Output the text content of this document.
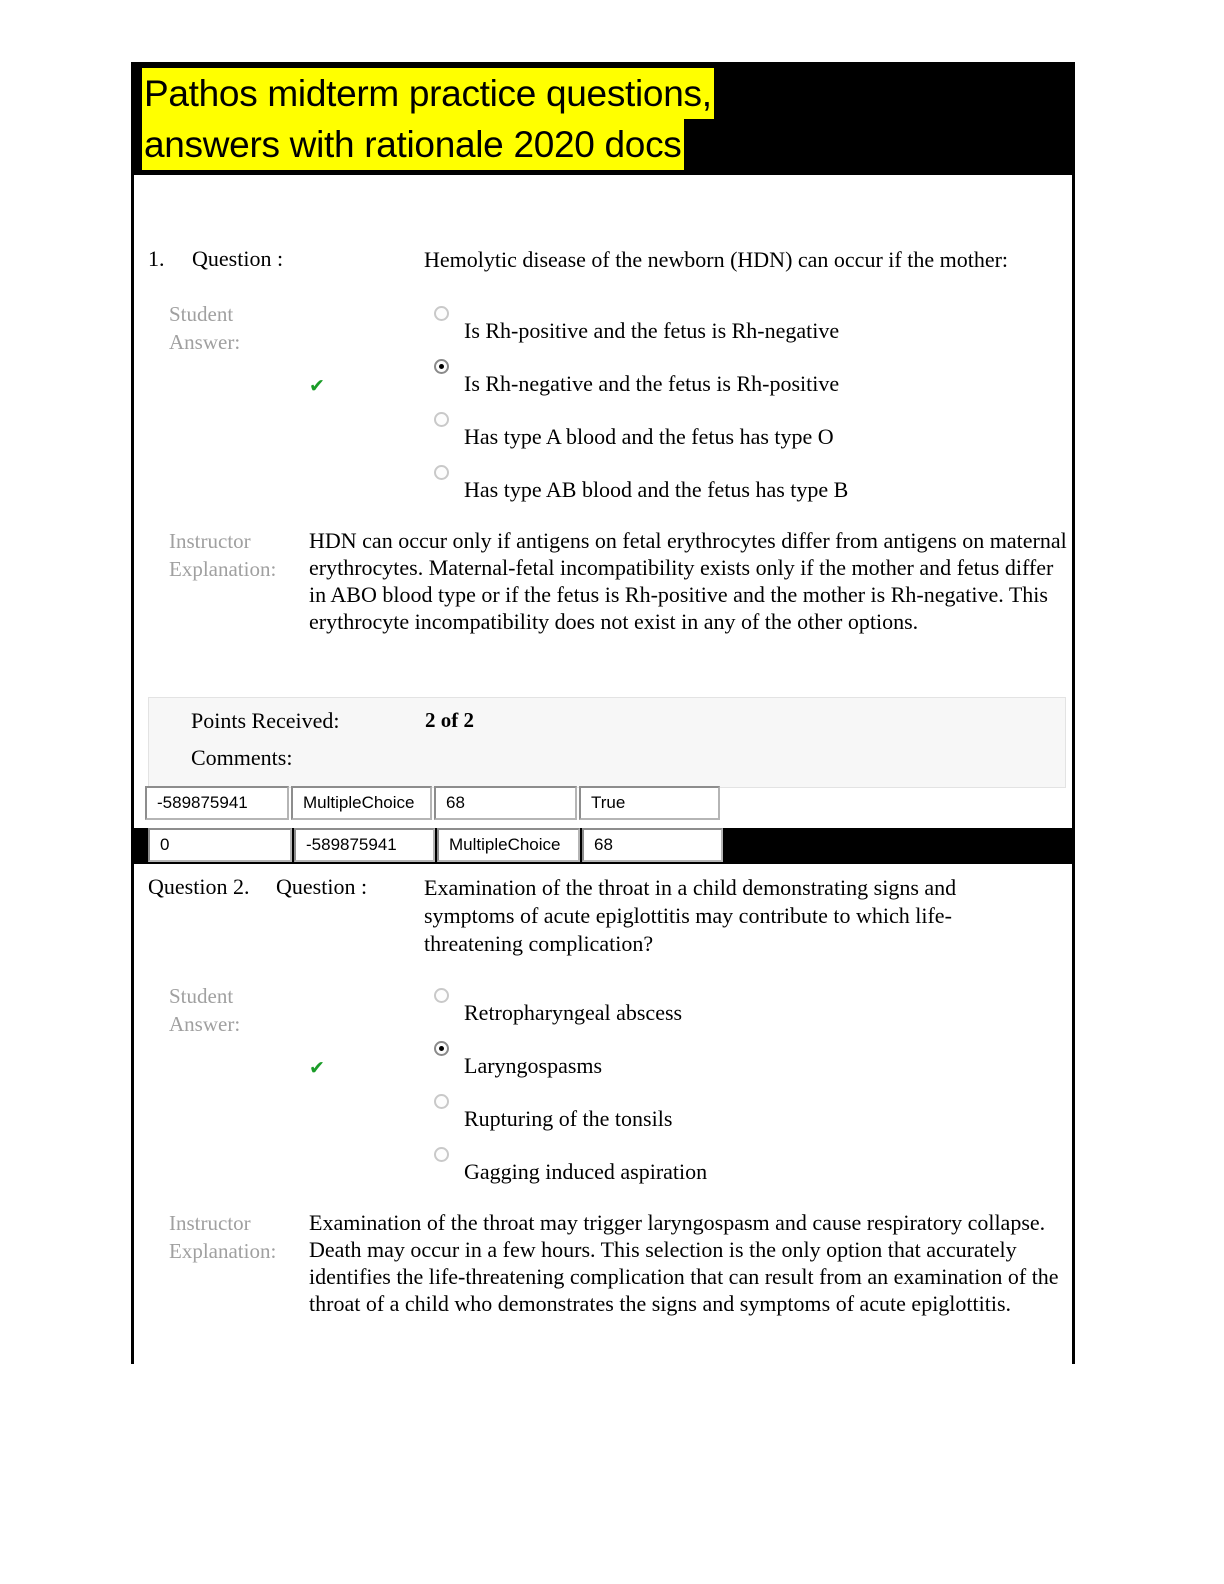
Pathos midterm practice questions,
answers with rationale 2020 docs
1. Question :	Hemolytic disease of the newborn (HDN) can occur if the mother:
Student
Answer:	Is Rh-positive and the fetus is Rh-negative
✔	Is Rh-negative and the fetus is Rh-positive
Has type A blood and the fetus has type O
Has type AB blood and the fetus has type B
Instructor
Explanation:
HDN can occur only if antigens on fetal erythrocytes differ from antigens on maternal erythrocytes. Maternal-fetal incompatibility exists only if the mother and fetus differ in ABO blood type or if the fetus is Rh-positive and the mother is Rh-negative. This erythrocyte incompatibility does not exist in any of the other options.
Points Received:	2 of 2
Comments:
-589875941	MultipleChoice	68	True
0	-589875941	MultipleChoice	68
Question 2. Question :	Examination of the throat in a child demonstrating signs and symptoms of acute epiglottitis may contribute to which life-threatening complication?
Student
Answer:	Retropharyngeal abscess
✔	Laryngospasms
Rupturing of the tonsils
Gagging induced aspiration
Instructor
Explanation:
Examination of the throat may trigger laryngospasm and cause respiratory collapse. Death may occur in a few hours. This selection is the only option that accurately identifies the life-threatening complication that can result from an examination of the throat of a child who demonstrates the signs and symptoms of acute epiglottitis.
